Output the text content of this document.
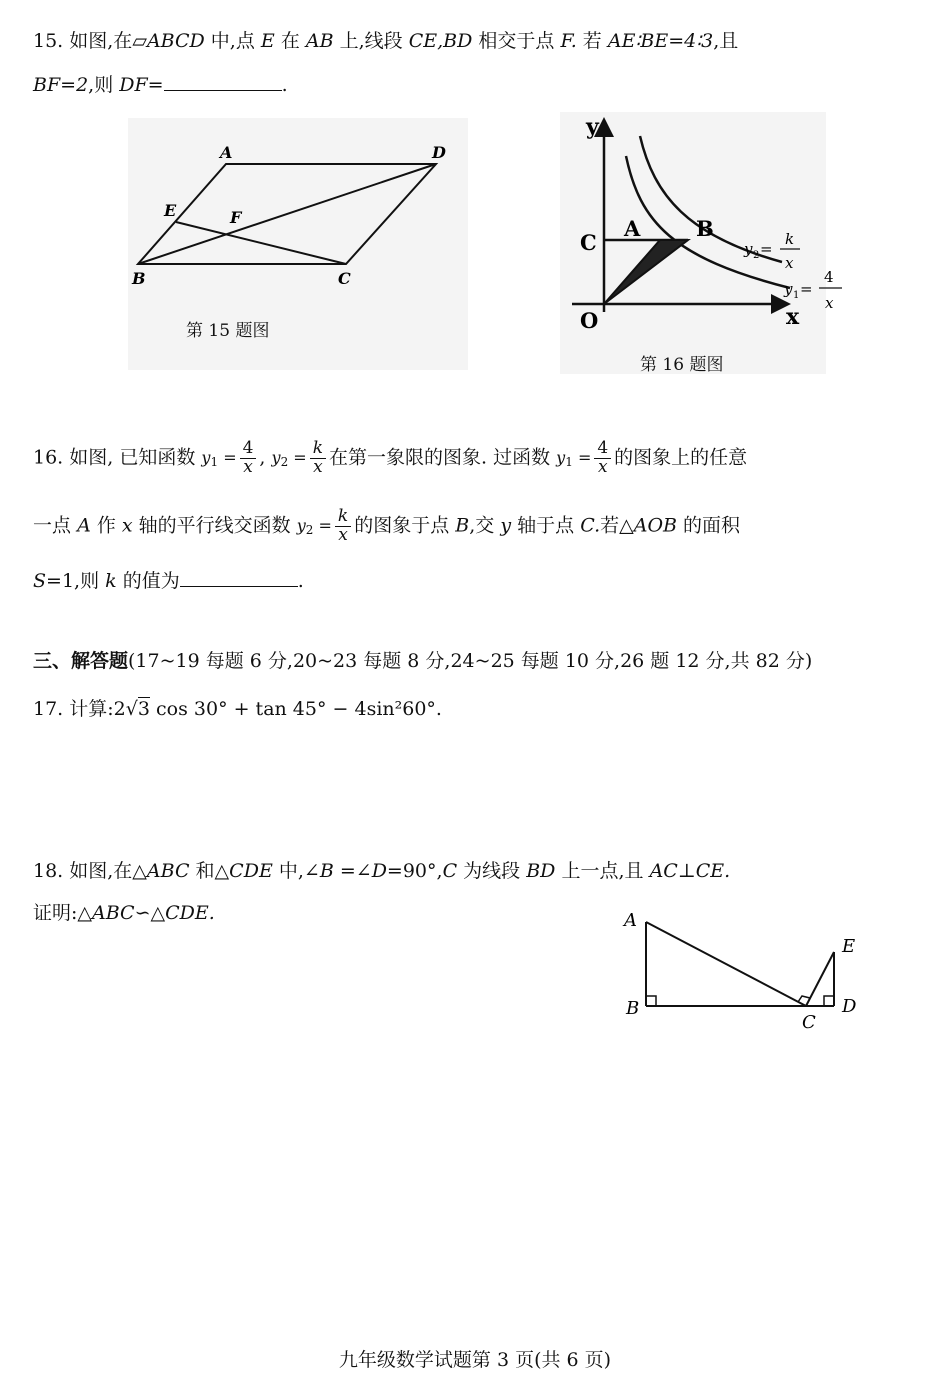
15. 如图,在▱ABCD 中,点 E 在 AB 上,线段 CE,BD 相交于点 F. 若 AE∶BE=4∶3,且
BF=2,则 DF=	.
A	D
E	F
B	C
第 15 题图
y
x
O
C
A	B
y 2 =
k
x
y 1 =
4
x
第 16 题图
16. 如图, 已知函数 $y_1 = \frac{4}{x}$ , $y_2 = \frac{k}{x}$ 在第一象限的图象. 过函数 $y_1 = \frac{4}{x}$ 的图象上的任意
一点 A 作 x 轴的平行线交函数 $y_2 = \frac{k}{x}$ 的图象于点 B,交 y 轴于点 C.若△AOB 的面积
S=1,则 k 的值为	.
三、解答题(17~19 每题 6 分,20~23 每题 8 分,24~25 每题 10 分,26 题 12 分,共 82 分)
17. 计算:2√3 cos 30° + tan 45° − 4sin²60°.
18. 如图,在△ABC 和△CDE 中,∠B =∠D=90°,C 为线段 BD 上一点,且 AC⊥CE.
证明:△ABC∽△CDE.	A
B
C
D
E
九年级数学试题第 3 页(共 6 页)
